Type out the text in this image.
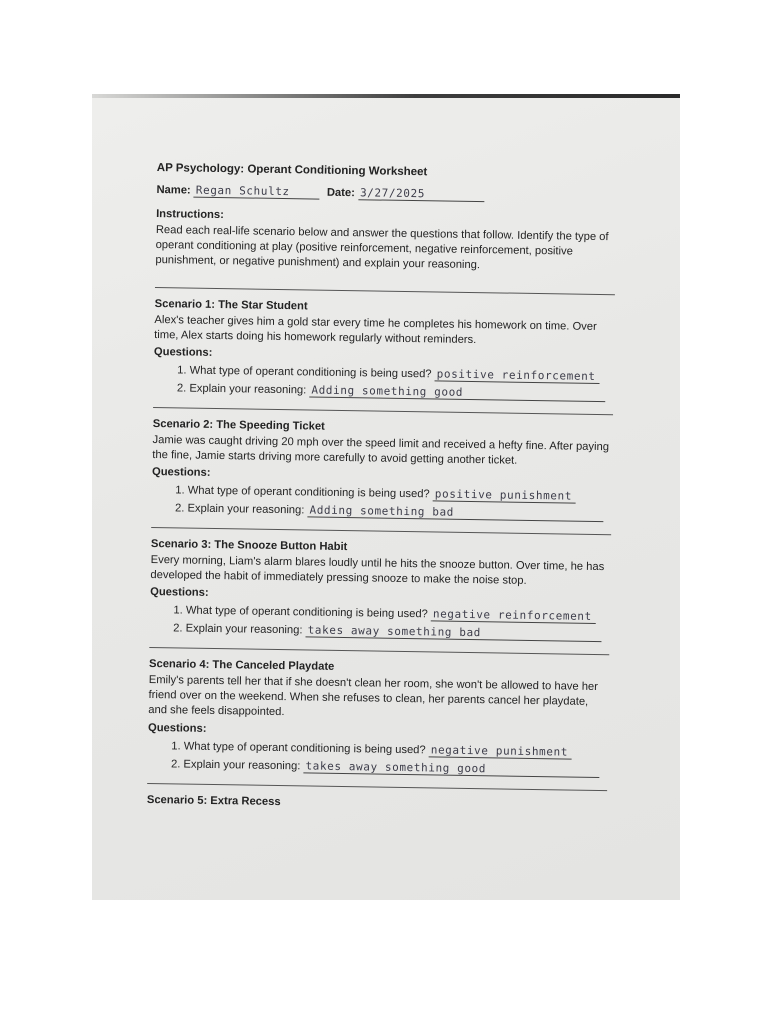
AP Psychology: Operant Conditioning Worksheet
Name: Regan Schultz	Date: 3/27/2025
Instructions:
Read each real-life scenario below and answer the questions that follow. Identify the type of operant conditioning at play (positive reinforcement, negative reinforcement, positive punishment, or negative punishment) and explain your reasoning.
Scenario 1: The Star Student
Alex's teacher gives him a gold star every time he completes his homework on time. Over time, Alex starts doing his homework regularly without reminders.
Questions:
1. What type of operant conditioning is being used? positive reinforcement
2. Explain your reasoning: Adding something good
Scenario 2: The Speeding Ticket
Jamie was caught driving 20 mph over the speed limit and received a hefty fine. After paying the fine, Jamie starts driving more carefully to avoid getting another ticket.
Questions:
1. What type of operant conditioning is being used? positive punishment
2. Explain your reasoning: Adding something bad
Scenario 3: The Snooze Button Habit
Every morning, Liam's alarm blares loudly until he hits the snooze button. Over time, he has developed the habit of immediately pressing snooze to make the noise stop.
Questions:
1. What type of operant conditioning is being used? negative reinforcement
2. Explain your reasoning: takes away something bad
Scenario 4: The Canceled Playdate
Emily's parents tell her that if she doesn't clean her room, she won't be allowed to have her friend over on the weekend. When she refuses to clean, her parents cancel her playdate, and she feels disappointed.
Questions:
1. What type of operant conditioning is being used? negative punishment
2. Explain your reasoning: takes away something good
Scenario 5: Extra Recess
